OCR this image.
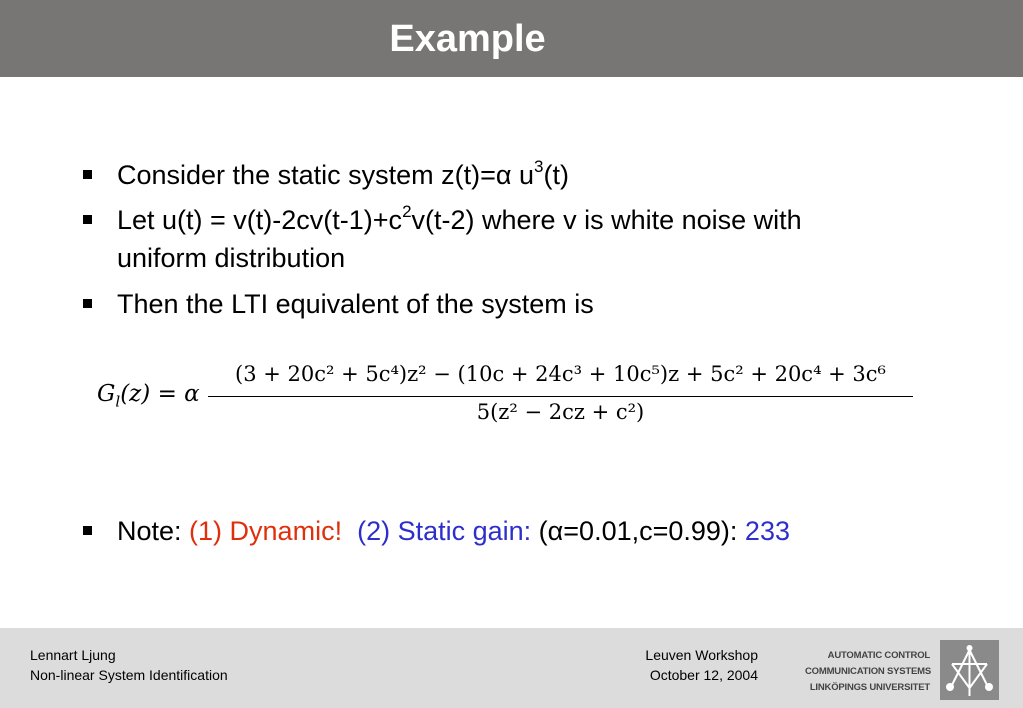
Example
Consider the static system z(t)=α $u^3(t)$
Let $u(t) = v(t)-2cv(t-1)+c^2v(t-2)$ where v is white noise with
uniform distribution
Then the LTI equivalent of the system is
Note: (1) Dynamic! (2) Static gain: (α=0.01,c=0.99): 233
$G_l(z) = \alpha$
(3 + 20c² + 5c⁴)z² − (10c + 24c³ + 10c⁵)z + 5c² + 20c⁴ + 3c⁶
5(z² − 2cz + c²)
Lennart Ljung
Non-linear System Identification
Leuven Workshop
October 12, 2004
AUTOMATIC CONTROL
COMMUNICATION SYSTEMS
LINKÖPINGS UNIVERSITET
